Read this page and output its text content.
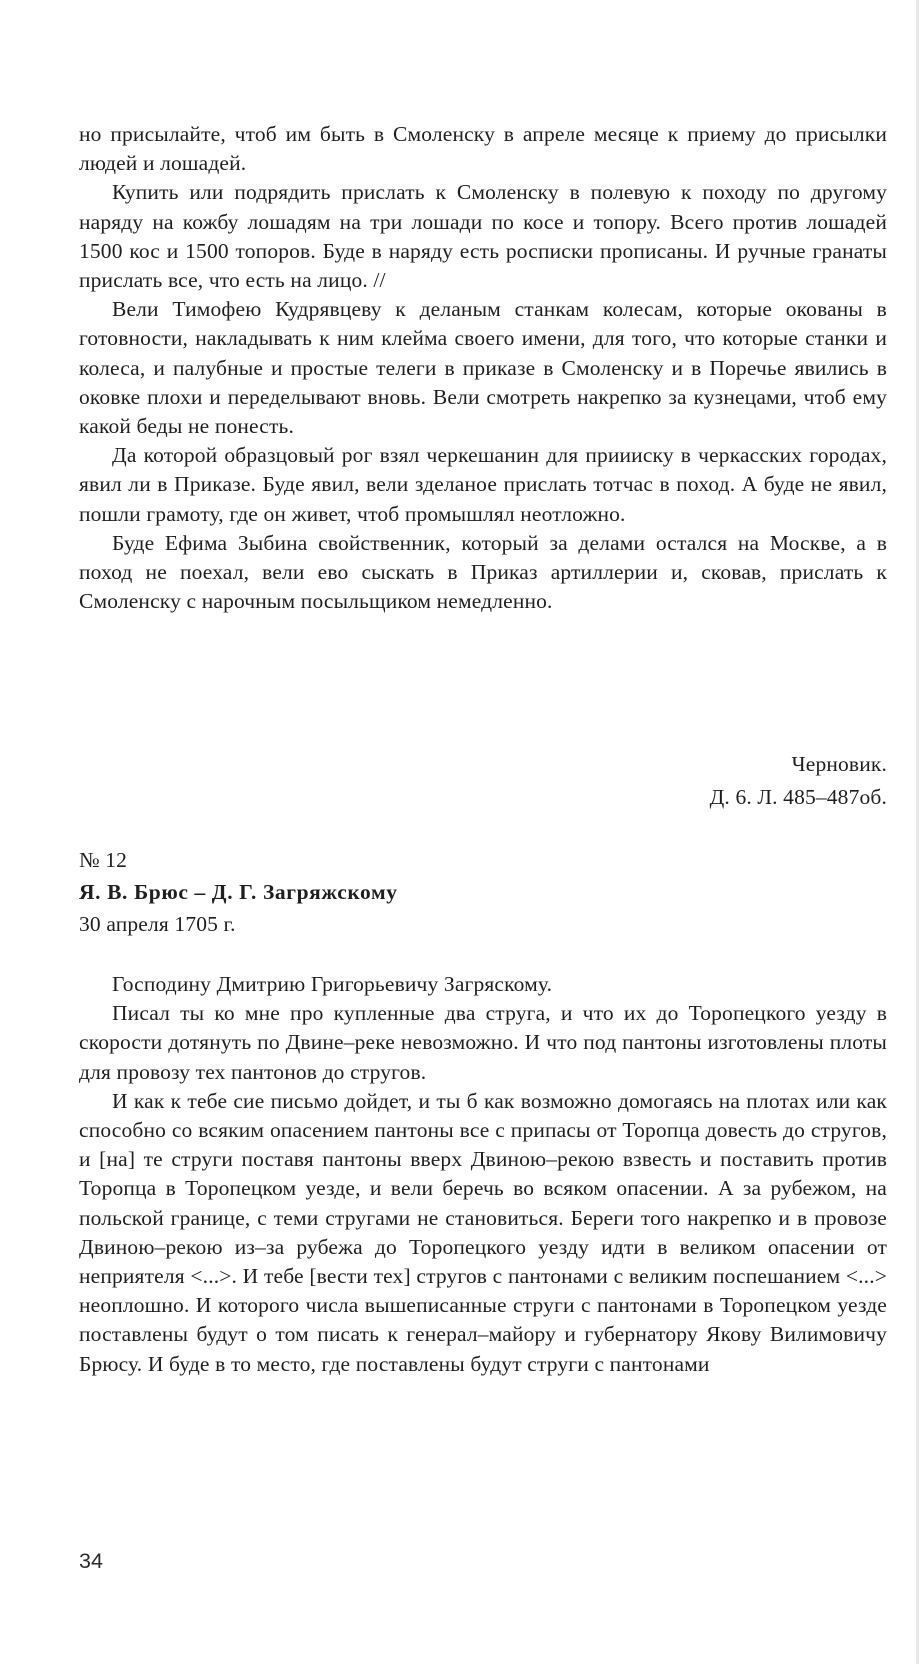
но присылайте, чтоб им быть в Смоленску в апреле месяце к приему до присылки людей и лошадей.

Купить или подрядить прислать к Смоленску в полевую к походу по другому наряду на кожбу лошадям на три лошади по косе и топору. Всего против лошадей 1500 кос и 1500 топоров. Буде в наряду есть росписки прописаны. И ручные гранаты прислать все, что есть на лицо. //

Вели Тимофею Кудрявцеву к деланым станкам колесам, которые окованы в готовности, накладывать к ним клейма своего имени, для того, что которые станки и колеса, и палубные и простые телеги в приказе в Смоленску и в Поречье явились в оковке плохи и переделывают вновь. Вели смотреть накрепко за кузнецами, чтоб ему какой беды не понесть.

Да которой образцовый рог взял черкешанин для приииску в черкасских городах, явил ли в Приказе. Буде явил, вели зделаное прислать тотчас в поход. А буде не явил, пошли грамоту, где он живет, чтоб промышлял неотложно.

Буде Ефима Зыбина свойственник, который за делами остался на Москве, а в поход не поехал, вели ево сыскать в Приказ артиллерии и, сковав, прислать к Смоленску с нарочным посыльщиком немедленно.

Черновик.
Д. 6. Л. 485–487об.
№ 12
Я. В. Брюс – Д. Г. Загряжскому
30 апреля 1705 г.

Господину Дмитрию Григорьевичу Загряскому.

Писал ты ко мне про купленные два струга, и что их до Торопецкого уезду в скорости дотянуть по Двине–реке невозможно. И что под пантоны изготовлены плоты для провозу тех пантонов до стругов.

И как к тебе сие письмо дойдет, и ты б как возможно домогаясь на плотах или как способно со всяким опасением пантоны все с припасы от Торопца довесть до стругов, и [на] те струги поставя пантоны вверх Двиною–рекою взвесть и поставить против Торопца в Торопецком уезде, и вели беречь во всяком опасении. А за рубежом, на польской границе, с теми стругами не становиться. Береги того накрепко и в провозе Двиною–рекою из–за рубежа до Торопецкого уезду идти в великом опасении от неприятеля <...>. И тебе [вести тех] стругов с пантонами с великим поспешанием <...> неоплошно. И которого числа вышеписанные струги с пантонами в Торопецком уезде поставлены будут о том писать к генерал–майору и губернатору Якову Вилимовичу Брюсу. И буде в то место, где поставлены будут струги с пантонами

34
